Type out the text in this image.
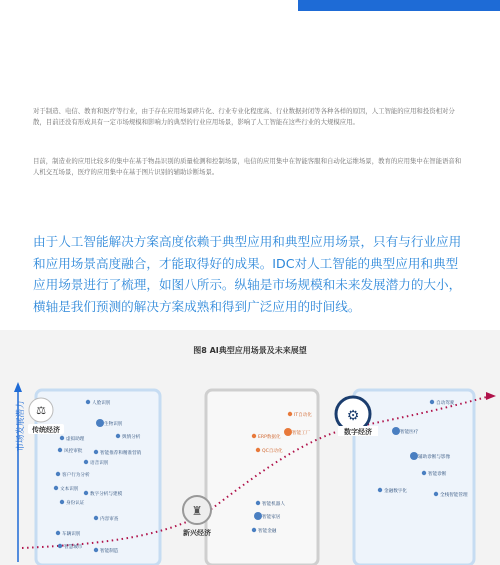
对于制造、电信、教育和医疗等行业，由于存在应用场景碎片化、行业专业化程度高、行业数据封闭等各种各样的原因，人工智能的应用和投资相对分散，目前还没有形成具有一定市场规模和影响力的典型的行业应用场景，影响了人工智能在这些行业的大规模应用。

目前，制造业的应用比较多的集中在基于物品识别的质量检测和控制场景，电信的应用集中在智能客服和自动化运维场景，教育的应用集中在智能语音和人机交互场景，医疗的应用集中在基于图片识别的辅助诊断场景。

由于人工智能解决方案高度依赖于典型应用和典型应用场景，只有与行业应用和应用场景高度融合，才能取得好的成果。IDC对人工智能的典型应用和典型应用场景进行了梳理，如图八所示。纵轴是市场规模和未来发展潜力的大小，横轴是我们预测的解决方案成熟和得到广泛应用的时间线。

图8 AI典型应用场景及未来展望
市场发展潜力 ⚖
传统经济
♜
新兴经济
⚙
数字经济
人脸识别
生物识别
舆情分析
虚拟助理
风控审批	智能推荐和精准营销
语音识别
客户行为分析
文本识别
数字分析与建模
身份认证
内容审查
车辆识别
智慧城市
智能制造
IT自动化
ERP数据化
智能工厂
QC自动化
智能机器人
智能家居
智能金融
自动驾驶
智能医疗
辅助诊断与影像
智能诊断
金融数字化
全栈智能管理
